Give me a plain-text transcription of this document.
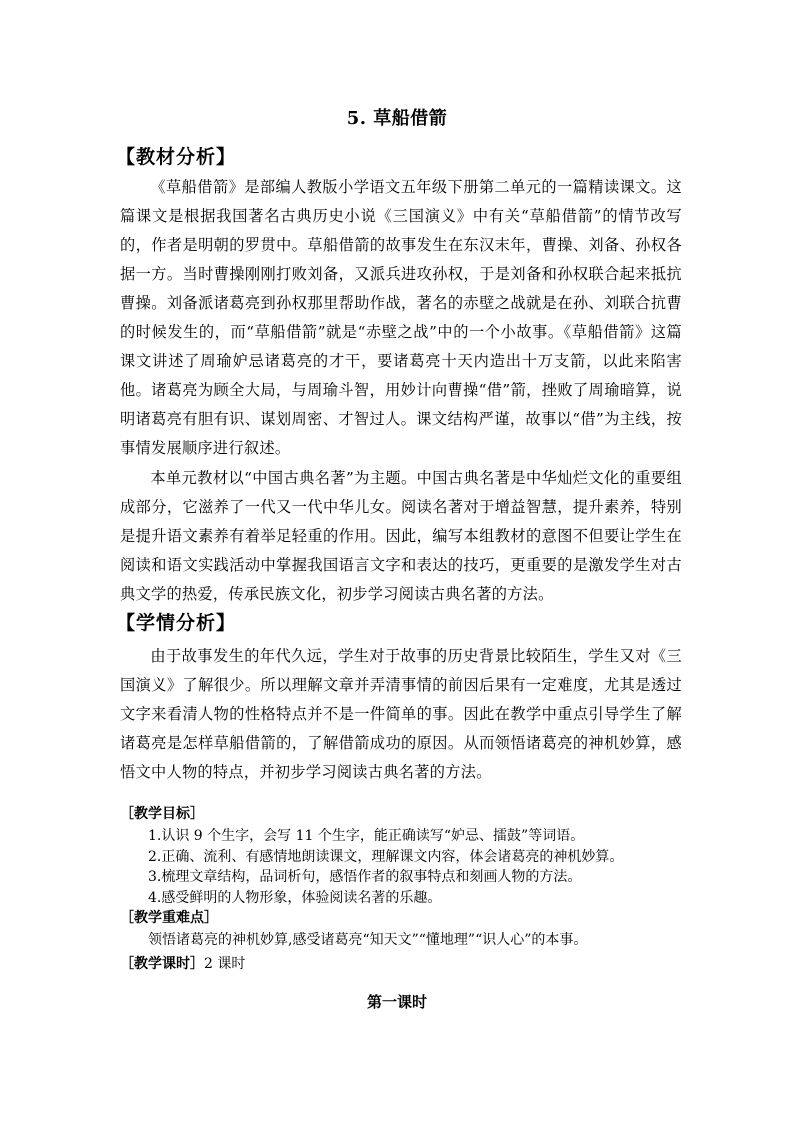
5. 草船借箭
【教材分析】

《草船借箭》是部编人教版小学语文五年级下册第二单元的一篇精读课文。这篇课文是根据我国著名古典历史小说《三国演义》中有关“草船借箭”的情节改写的，作者是明朝的罗贯中。草船借箭的故事发生在东汉末年，曹操、刘备、孙权各据一方。当时曹操刚刚打败刘备，又派兵进攻孙权，于是刘备和孙权联合起来抵抗曹操。刘备派诸葛亮到孙权那里帮助作战，著名的赤壁之战就是在孙、刘联合抗曹的时候发生的，而“草船借箭”就是“赤壁之战”中的一个小故事。《草船借箭》这篇课文讲述了周瑜妒忌诸葛亮的才干，要诸葛亮十天内造出十万支箭，以此来陷害他。诸葛亮为顾全大局，与周瑜斗智，用妙计向曹操“借”箭，挫败了周瑜暗算，说明诸葛亮有胆有识、谋划周密、才智过人。课文结构严谨，故事以“借”为主线，按事情发展顺序进行叙述。

本单元教材以“中国古典名著”为主题。中国古典名著是中华灿烂文化的重要组成部分，它滋养了一代又一代中华儿女。阅读名著对于增益智慧，提升素养，特别是提升语文素养有着举足轻重的作用。因此，编写本组教材的意图不但要让学生在阅读和语文实践活动中掌握我国语言文字和表达的技巧，更重要的是激发学生对古典文学的热爱，传承民族文化，初步学习阅读古典名著的方法。

【学情分析】

由于故事发生的年代久远，学生对于故事的历史背景比较陌生，学生又对《三国演义》了解很少。所以理解文章并弄清事情的前因后果有一定难度，尤其是透过文字来看清人物的性格特点并不是一件简单的事。因此在教学中重点引导学生了解诸葛亮是怎样草船借箭的，了解借箭成功的原因。从而领悟诸葛亮的神机妙算，感悟文中人物的特点，并初步学习阅读古典名著的方法。

［教学目标］
1.认识 9 个生字，会写 11 个生字，能正确读写“妒忌、擂鼓”等词语。
2.正确、流利、有感情地朗读课文，理解课文内容，体会诸葛亮的神机妙算。
3.梳理文章结构，品词析句，感悟作者的叙事特点和刻画人物的方法。
4.感受鲜明的人物形象，体验阅读名著的乐趣。
［教学重难点］

领悟诸葛亮的神机妙算,感受诸葛亮“知天文”“懂地理”“识人心”的本事。

［教学课时］2 课时
第一课时
